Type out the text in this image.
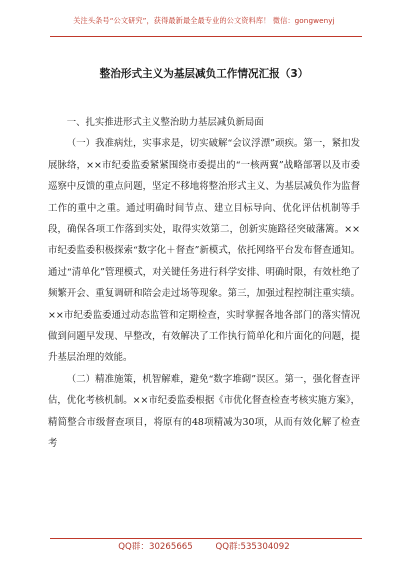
关注头条号“公文研究”，获得最新最全最专业的公文资料库！ 微信：gongwenyj
整治形式主义为基层减负工作情况汇报（3）

一、扎实推进形式主义整治助力基层减负新局面

（一）我准病灶，实事求是，切实破解“会议浮漂”顽疾。第一，紧扣发展脉络，××市纪委监委紧紧围绕市委提出的“一核两翼”战略部署以及市委巡察中反馈的重点问题，坚定不移地将整治形式主义、为基层减负作为监督工作的重中之重。通过明确时间节点、建立目标导向、优化评估机制等手段，确保各项工作落到实处，取得实效第二，创新实施路径突破藩篱。××市纪委监委积极探索“数字化＋督查”新模式，依托网络平台发布督查通知。通过“清单化”管理模式，对关键任务进行科学安排、明确时限，有效杜绝了频繁开会、重复调研和陪会走过场等现象。第三，加强过程控制注重实绩。××市纪委监委通过动态监管和定期检查，实时掌握各地各部门的落实情况做到问题早发现、早整改，有效解决了工作执行简单化和片面化的问题，提升基层治理的效能。

（二）精准施策，机智解难，避免“数字堆砌”误区。第一，强化督查评估，优化考核机制。××市纪委监委根据《市优化督查检查考核实施方案》，精简整合市级督查项目，将原有的48项精减为30项，从而有效化解了检查考

QQ群：30265665	QQ群:535304092
